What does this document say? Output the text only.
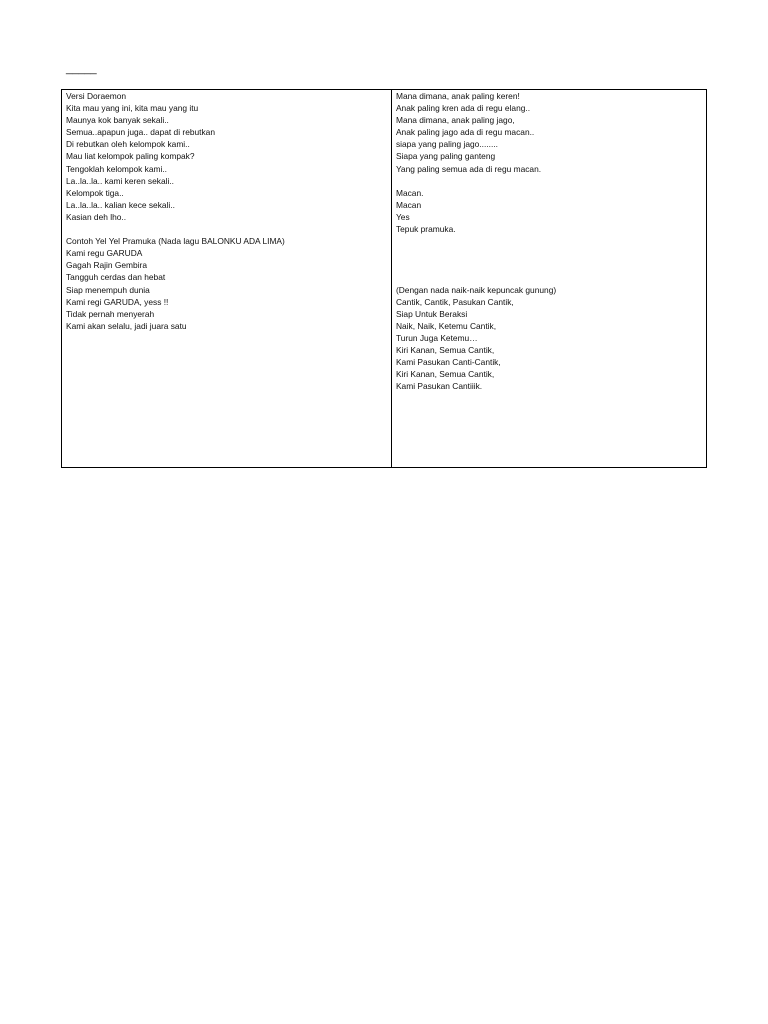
_____
Versi Doraemon
Kita mau yang ini, kita mau yang itu
Maunya kok banyak sekali..
Semua..apapun juga.. dapat di rebutkan
Di rebutkan oleh kelompok kami..
Mau liat kelompok paling kompak?
Tengoklah kelompok kami..
La..la..la.. kami keren sekali..
Kelompok tiga..
La..la..la.. kalian kece sekali..
Kasian deh lho..
Contoh Yel Yel Pramuka (Nada lagu BALONKU ADA LIMA)
Kami regu GARUDA
Gagah Rajin Gembira
Tangguh cerdas dan hebat
Siap menempuh dunia
Kami regi GARUDA, yess !!
Tidak pernah menyerah
Kami akan selalu, jadi juara satu
Mana dimana, anak paling keren!
Anak paling kren ada di regu elang..
Mana dimana, anak paling jago,
Anak paling jago ada di regu macan..
siapa yang paling jago........
Siapa yang paling ganteng
Yang paling semua ada di regu macan.
Macan.
Macan
Yes
Tepuk pramuka.
(Dengan nada naik-naik kepuncak gunung)
Cantik, Cantik, Pasukan Cantik,
Siap Untuk Beraksi
Naik, Naik, Ketemu Cantik,
Turun Juga Ketemu…
Kiri Kanan, Semua Cantik,
Kami Pasukan Canti-Cantik,
Kiri Kanan, Semua Cantik,
Kami Pasukan Cantiiik.
